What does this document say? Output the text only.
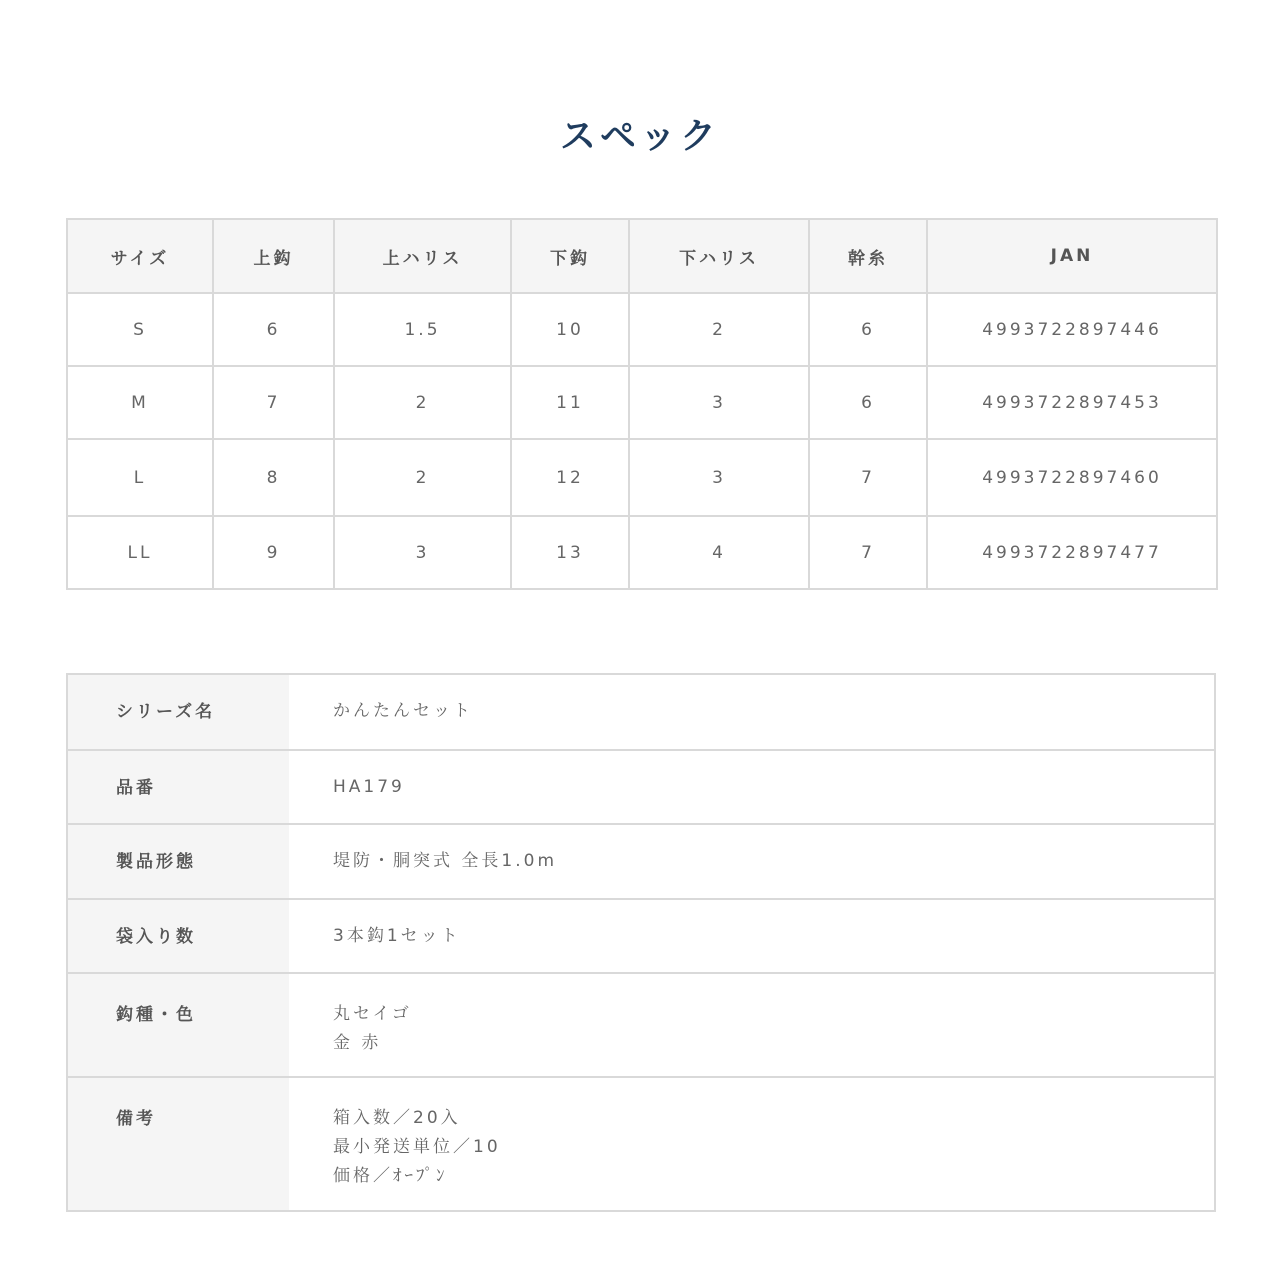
スペック
サイズ	上鈎	上ハリス	下鈎	下ハリス	幹糸	JAN
S	6	1.5	10	2	6	4993722897446
M	7	2	11	3	6	4993722897453
L	8	2	12	3	7	4993722897460
LL	9	3	13	4	7	4993722897477
シリーズ名	かんたんセット

品番	HA179

製品形態	堤防・胴突式 全長1.0m

袋入り数	3本鈎1セット

鈎種・色	丸セイゴ
金 赤

備考	箱入数／20入
最小発送単位／10
価格／ｵｰﾌﾟﾝ
